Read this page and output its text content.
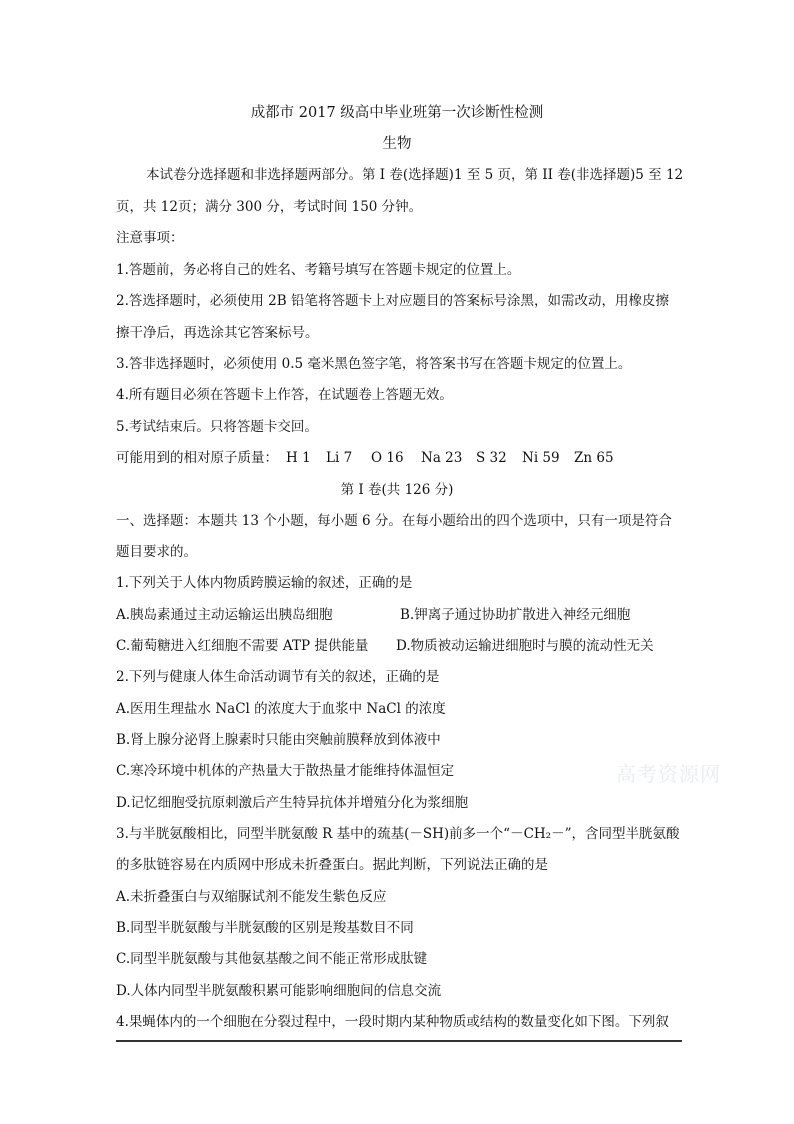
成都市 2017 级高中毕业班第一次诊断性检测
生物
本试卷分选择题和非选择题两部分。第 I 卷(选择题)1 至 5 页，第 II 卷(非选择题)5 至 12
页，共 12页；满分 300 分，考试时间 150 分钟。
注意事项：
1.答题前，务必将自己的姓名、考籍号填写在答题卡规定的位置上。
2.答选择题时，必须使用 2B 铅笔将答题卡上对应题目的答案标号涂黑，如需改动，用橡皮擦
擦干净后，再选涂其它答案标号。
3.答非选择题时，必须使用 0.5 毫米黑色签字笔，将答案书写在答题卡规定的位置上。
4.所有题目必须在答题卡上作答，在试题卷上答题无效。
5.考试结束后。只将答题卡交回。
可能用到的相对原子质量： H 1 Li 7 O 16 Na 23 S 32 Ni 59 Zn 65
第 I 卷(共 126 分)
一、选择题：本题共 13 个小题，每小题 6 分。在每小题给出的四个选项中，只有一项是符合
题目要求的。
1.下列关于人体内物质跨膜运输的叙述，正确的是
A.胰岛素通过主动运输运出胰岛细胞	B.钾离子通过协助扩散进入神经元细胞
C.葡萄糖进入红细胞不需要 ATP 提供能量 D.物质被动运输进细胞时与膜的流动性无关
2.下列与健康人体生命活动调节有关的叙述，正确的是
A.医用生理盐水 NaCl 的浓度大于血浆中 NaCl 的浓度
B.肾上腺分泌肾上腺素时只能由突触前膜释放到体液中
C.寒冷环境中机体的产热量大于散热量才能维持体温恒定
D.记忆细胞受抗原刺激后产生特异抗体并增殖分化为浆细胞
3.与半胱氨酸相比，同型半胱氨酸 R 基中的巯基(－SH)前多一个“－CH₂－”，含同型半胱氨酸
的多肽链容易在内质网中形成未折叠蛋白。据此判断，下列说法正确的是
A.未折叠蛋白与双缩脲试剂不能发生紫色反应
B.同型半胱氨酸与半胱氨酸的区别是羧基数目不同
C.同型半胱氨酸与其他氨基酸之间不能正常形成肽键
D.人体内同型半胱氨酸积累可能影响细胞间的信息交流
4.果蝇体内的一个细胞在分裂过程中，一段时期内某种物质或结构的数量变化如下图。下列叙
高考资源网
